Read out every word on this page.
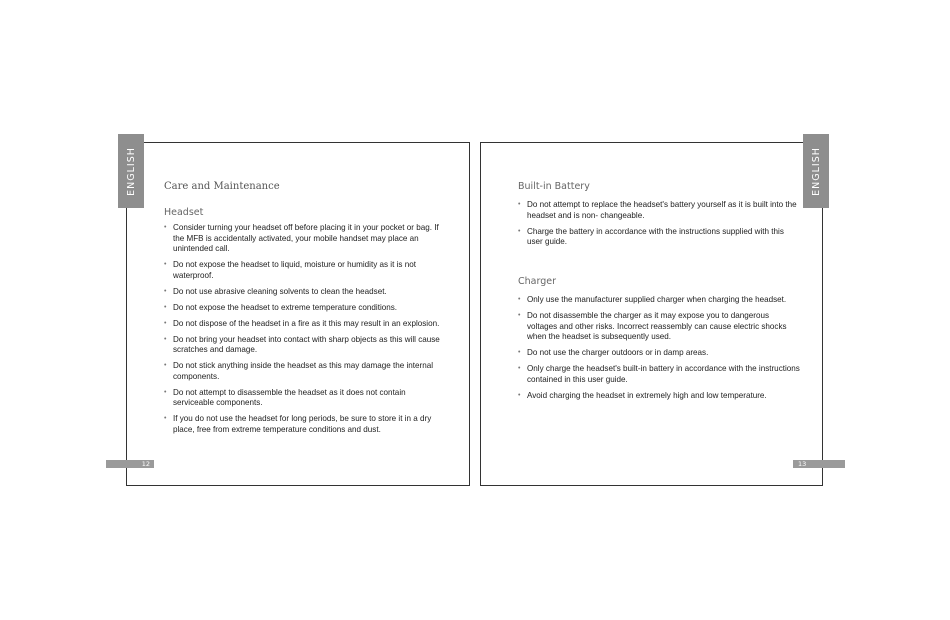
ENGLISH	ENGLISH
12	13
Care and Maintenance
Headset
• Consider turning your headset off before placing it in your pocket or bag. If the MFB is accidentally activated, your mobile handset may place an unintended call.
• Do not expose the headset to liquid, moisture or humidity as it is not waterproof.
• Do not use abrasive cleaning solvents to clean the headset.
• Do not expose the headset to extreme temperature conditions.
• Do not dispose of the headset in a fire as it this may result in an explosion.
• Do not bring your headset into contact with sharp objects as this will cause scratches and damage.
• Do not stick anything inside the headset as this may damage the internal components.
• Do not attempt to disassemble the headset as it does not contain serviceable components.
• If you do not use the headset for long periods, be sure to store it in a dry place, free from extreme temperature conditions and dust.
Built-in Battery
• Do not attempt to replace the headset's battery yourself as it is built into the headset and is non- changeable.
• Charge the battery in accordance with the instructions supplied with this user guide.
Charger
• Only use the manufacturer supplied charger when charging the headset.
• Do not disassemble the charger as it may expose you to dangerous voltages and other risks. Incorrect reassembly can cause electric shocks when the headset is subsequently used.
• Do not use the charger outdoors or in damp areas.
• Only charge the headset's built-in battery in accordance with the instructions contained in this user guide.
• Avoid charging the headset in extremely high and low temperature.
